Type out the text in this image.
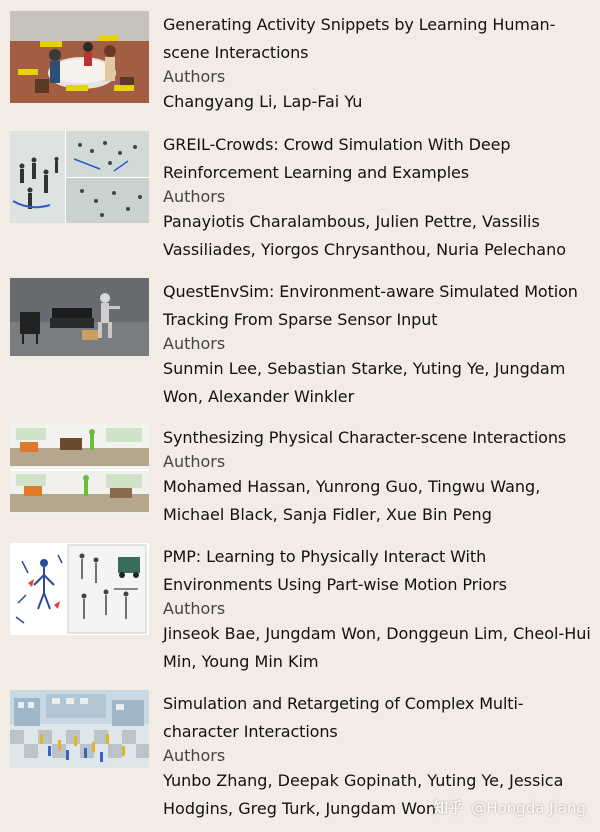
Generating Activity Snippets by Learning Human-scene Interactions
Authors
Changyang Li, Lap-Fai Yu
GREIL-Crowds: Crowd Simulation With Deep Reinforcement Learning and Examples
Authors
Panayiotis Charalambous, Julien Pettre, Vassilis Vassiliades, Yiorgos Chrysanthou, Nuria Pelechano
QuestEnvSim: Environment-aware Simulated Motion Tracking From Sparse Sensor Input
Authors
Sunmin Lee, Sebastian Starke, Yuting Ye, Jungdam Won, Alexander Winkler
Synthesizing Physical Character-scene Interactions
Authors
Mohamed Hassan, Yunrong Guo, Tingwu Wang, Michael Black, Sanja Fidler, Xue Bin Peng
PMP: Learning to Physically Interact With Environments Using Part-wise Motion Priors
Authors
Jinseok Bae, Jungdam Won, Donggeun Lim, Cheol-Hui Min, Young Min Kim
Simulation and Retargeting of Complex Multi-character Interactions
Authors
Yunbo Zhang, Deepak Gopinath, Yuting Ye, Jessica Hodgins, Greg Turk, Jungdam Won
知乎 @Hongda Jiang
